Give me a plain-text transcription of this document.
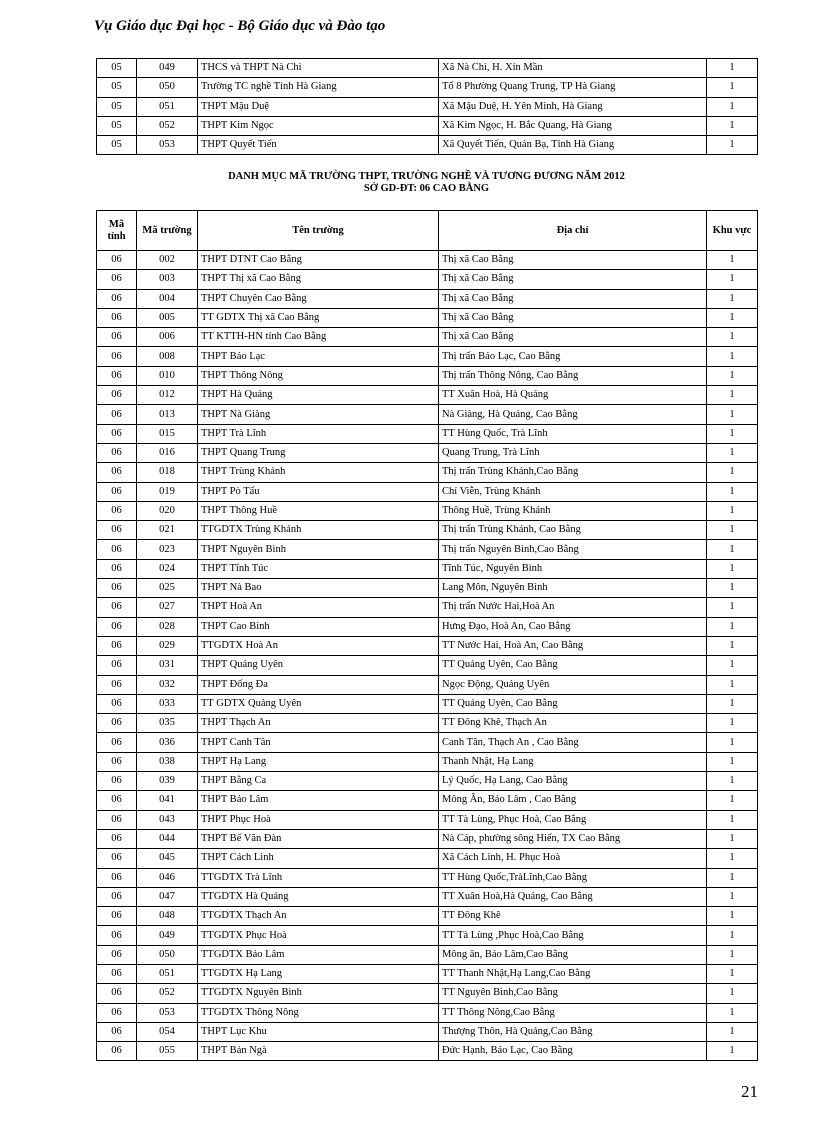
Vụ Giáo dục Đại học - Bộ Giáo dục và Đào tạo
05	049	THCS và THPT Nà Chì	Xã Nà Chì, H. Xín Mần	1
05	050	Trường TC nghề Tỉnh Hà Giang	Tổ 8 Phường Quang Trung, TP Hà Giang	1
05	051	THPT Mậu Duệ	Xã Mậu Duệ, H. Yên Minh, Hà Giang	1
05	052	THPT Kim Ngọc	Xã Kim Ngọc, H. Bắc Quang, Hà Giang	1
05	053	THPT Quyết Tiến	Xã Quyết Tiến, Quản Bạ, Tỉnh Hà Giang	1
DANH MỤC MÃ TRƯỜNG THPT, TRƯỜNG NGHỀ VÀ TƯƠNG ĐƯƠNG NĂM 2012
SỞ GD-ĐT: 06 CAO BẰNG
Mã tỉnh	Mã trường	Tên trường	Địa chỉ	Khu vực
06	002	THPT DTNT Cao Bằng	Thị xã Cao Bằng	1
06	003	THPT Thị xã Cao Bằng	Thị xã Cao Bằng	1
06	004	THPT Chuyên Cao Bằng	Thị xã Cao Bằng	1
06	005	TT GDTX Thị xã Cao Bằng	Thị xã Cao Bằng	1
06	006	TT KTTH-HN tỉnh Cao Bằng	Thị xã Cao Bằng	1
06	008	THPT Bảo Lạc	Thị trấn Bảo Lạc, Cao Bằng	1
06	010	THPT Thông Nông	Thị trấn Thông Nông, Cao Bằng	1
06	012	THPT Hà Quảng	TT Xuân Hoà, Hà Quảng	1
06	013	THPT Nà Giàng	Nà Giàng, Hà Quảng, Cao Bằng	1
06	015	THPT Trà Lĩnh	TT Hùng Quốc, Trà Lĩnh	1
06	016	THPT Quang Trung	Quang Trung, Trà Lĩnh	1
06	018	THPT Trùng Khánh	Thị trấn Trùng Khánh,Cao Bằng	1
06	019	THPT Pò Tấu	Chí Viễn, Trùng Khánh	1
06	020	THPT Thông Huề	Thông Huề, Trùng Khánh	1
06	021	TTGDTX Trùng Khánh	Thị trấn Trùng Khánh, Cao Bằng	1
06	023	THPT Nguyên Bình	Thị trấn Nguyên Bình,Cao Bằng	1
06	024	THPT Tĩnh Túc	Tĩnh Túc, Nguyên Bình	1
06	025	THPT Nà Bao	Lang Môn, Nguyên Bình	1
06	027	THPT Hoà An	Thị trấn Nước Hai,Hoà An	1
06	028	THPT Cao Bình	Hưng Đạo, Hoà An, Cao Bằng	1
06	029	TTGDTX Hoà An	TT Nước Hai, Hoà An, Cao Bằng	1
06	031	THPT Quảng Uyên	TT Quảng Uyên, Cao Bằng	1
06	032	THPT Đống Đa	Ngọc Động, Quảng Uyên	1
06	033	TT GDTX Quảng Uyên	TT Quảng Uyên, Cao Bằng	1
06	035	THPT Thạch An	TT Đông Khê, Thạch An	1
06	036	THPT Canh Tân	Canh Tân, Thạch An , Cao Bằng	1
06	038	THPT Hạ Lang	Thanh Nhật, Hạ Lang	1
06	039	THPT Bằng Ca	Lý Quốc, Hạ Lang, Cao Bằng	1
06	041	THPT Bảo Lâm	Mông Ân, Bảo Lâm , Cao Bằng	1
06	043	THPT Phục Hoà	TT Tà Lùng, Phục Hoà, Cao Bằng	1
06	044	THPT Bế Văn Đàn	Nà Cáp, phường sông Hiến, TX Cao Bằng	1
06	045	THPT Cách Linh	Xã Cách Linh, H. Phục Hoà	1
06	046	TTGDTX Trà Lĩnh	TT Hùng Quốc,TràLĩnh,Cao Bằng	1
06	047	TTGDTX Hà Quảng	TT Xuân Hoà,Hà Quảng, Cao Bằng	1
06	048	TTGDTX Thạch An	TT Đông Khê	1
06	049	TTGDTX Phục Hoà	TT Tà Lùng ,Phục Hoà,Cao Bằng	1
06	050	TTGDTX Bảo Lâm	Mông ân, Bảo Lâm,Cao Bằng	1
06	051	TTGDTX Hạ Lang	TT Thanh Nhật,Hạ Lang,Cao Bằng	1
06	052	TTGDTX Nguyên Bình	TT Nguyên Bình,Cao Bằng	1
06	053	TTGDTX Thông Nông	TT Thông Nông,Cao Bằng	1
06	054	THPT Lục Khu	Thượng Thôn, Hà Quảng,Cao Bằng	1
06	055	THPT Bản Ngà	Đức Hạnh, Bảo Lạc, Cao Bằng	1
21
